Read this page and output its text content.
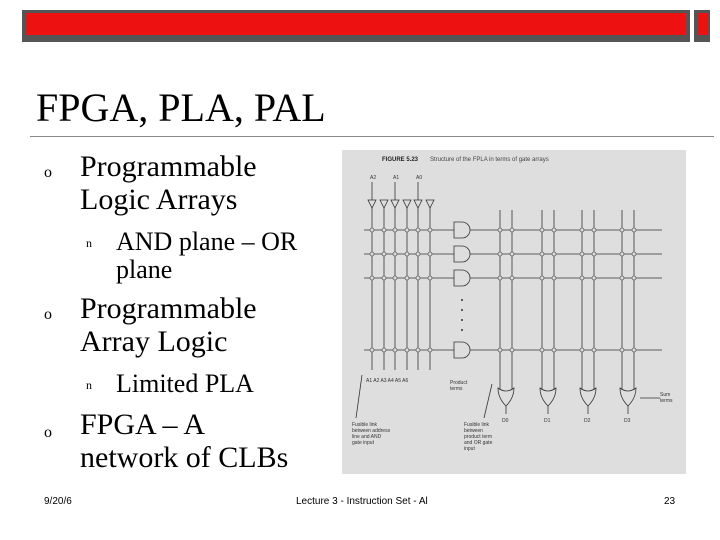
FPGA, PLA, PAL
o Programmable
Logic Arrays
n AND plane – OR
plane
o Programmable
Array Logic
n Limited PLA
o FPGA – A
network of CLBs
FIGURE 5.23 Structure of the FPLA in terms of gate arrays
A2	A1	A0
A1 A2 A3 A4 A5 A6	Product terms
Sum terms
D0	D1	D2	D3
Fusible link between address line and AND gate input
Fusible link between product term and OR gate input
9/20/6	Lecture 3 - Instruction Set - Al	23
